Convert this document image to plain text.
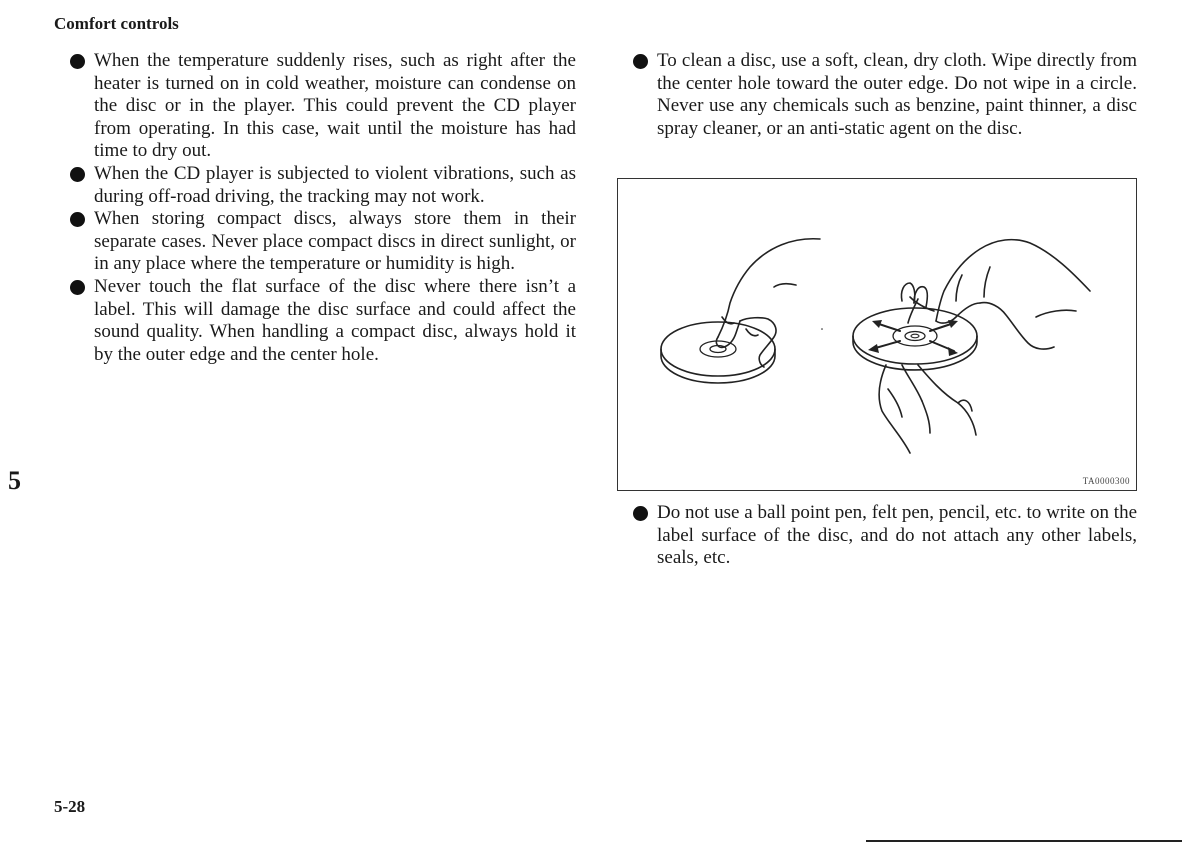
Comfort controls
5

When the temperature suddenly rises, such as right after the heater is turned on in cold weather, moisture can condense on the disc or in the player. This could prevent the CD player from operating. In this case, wait until the moisture has had time to dry out.

When the CD player is subjected to violent vibrations, such as during off-road driving, the tracking may not work.

When storing compact discs, always store them in their separate cases. Never place compact discs in direct sunlight, or in any place where the temperature or humidity is high.

Never touch the flat surface of the disc where there isn’t a label. This will damage the disc surface and could affect the sound quality. When handling a compact disc, always hold it by the outer edge and the center hole.

To clean a disc, use a soft, clean, dry cloth. Wipe directly from the center hole toward the outer edge. Do not wipe in a circle. Never use any chemicals such as benzine, paint thinner, a disc spray cleaner, or an anti-static agent on the disc.

TA0000300

Do not use a ball point pen, felt pen, pencil, etc. to write on the label surface of the disc, and do not attach any other labels, seals, etc.

5-28
